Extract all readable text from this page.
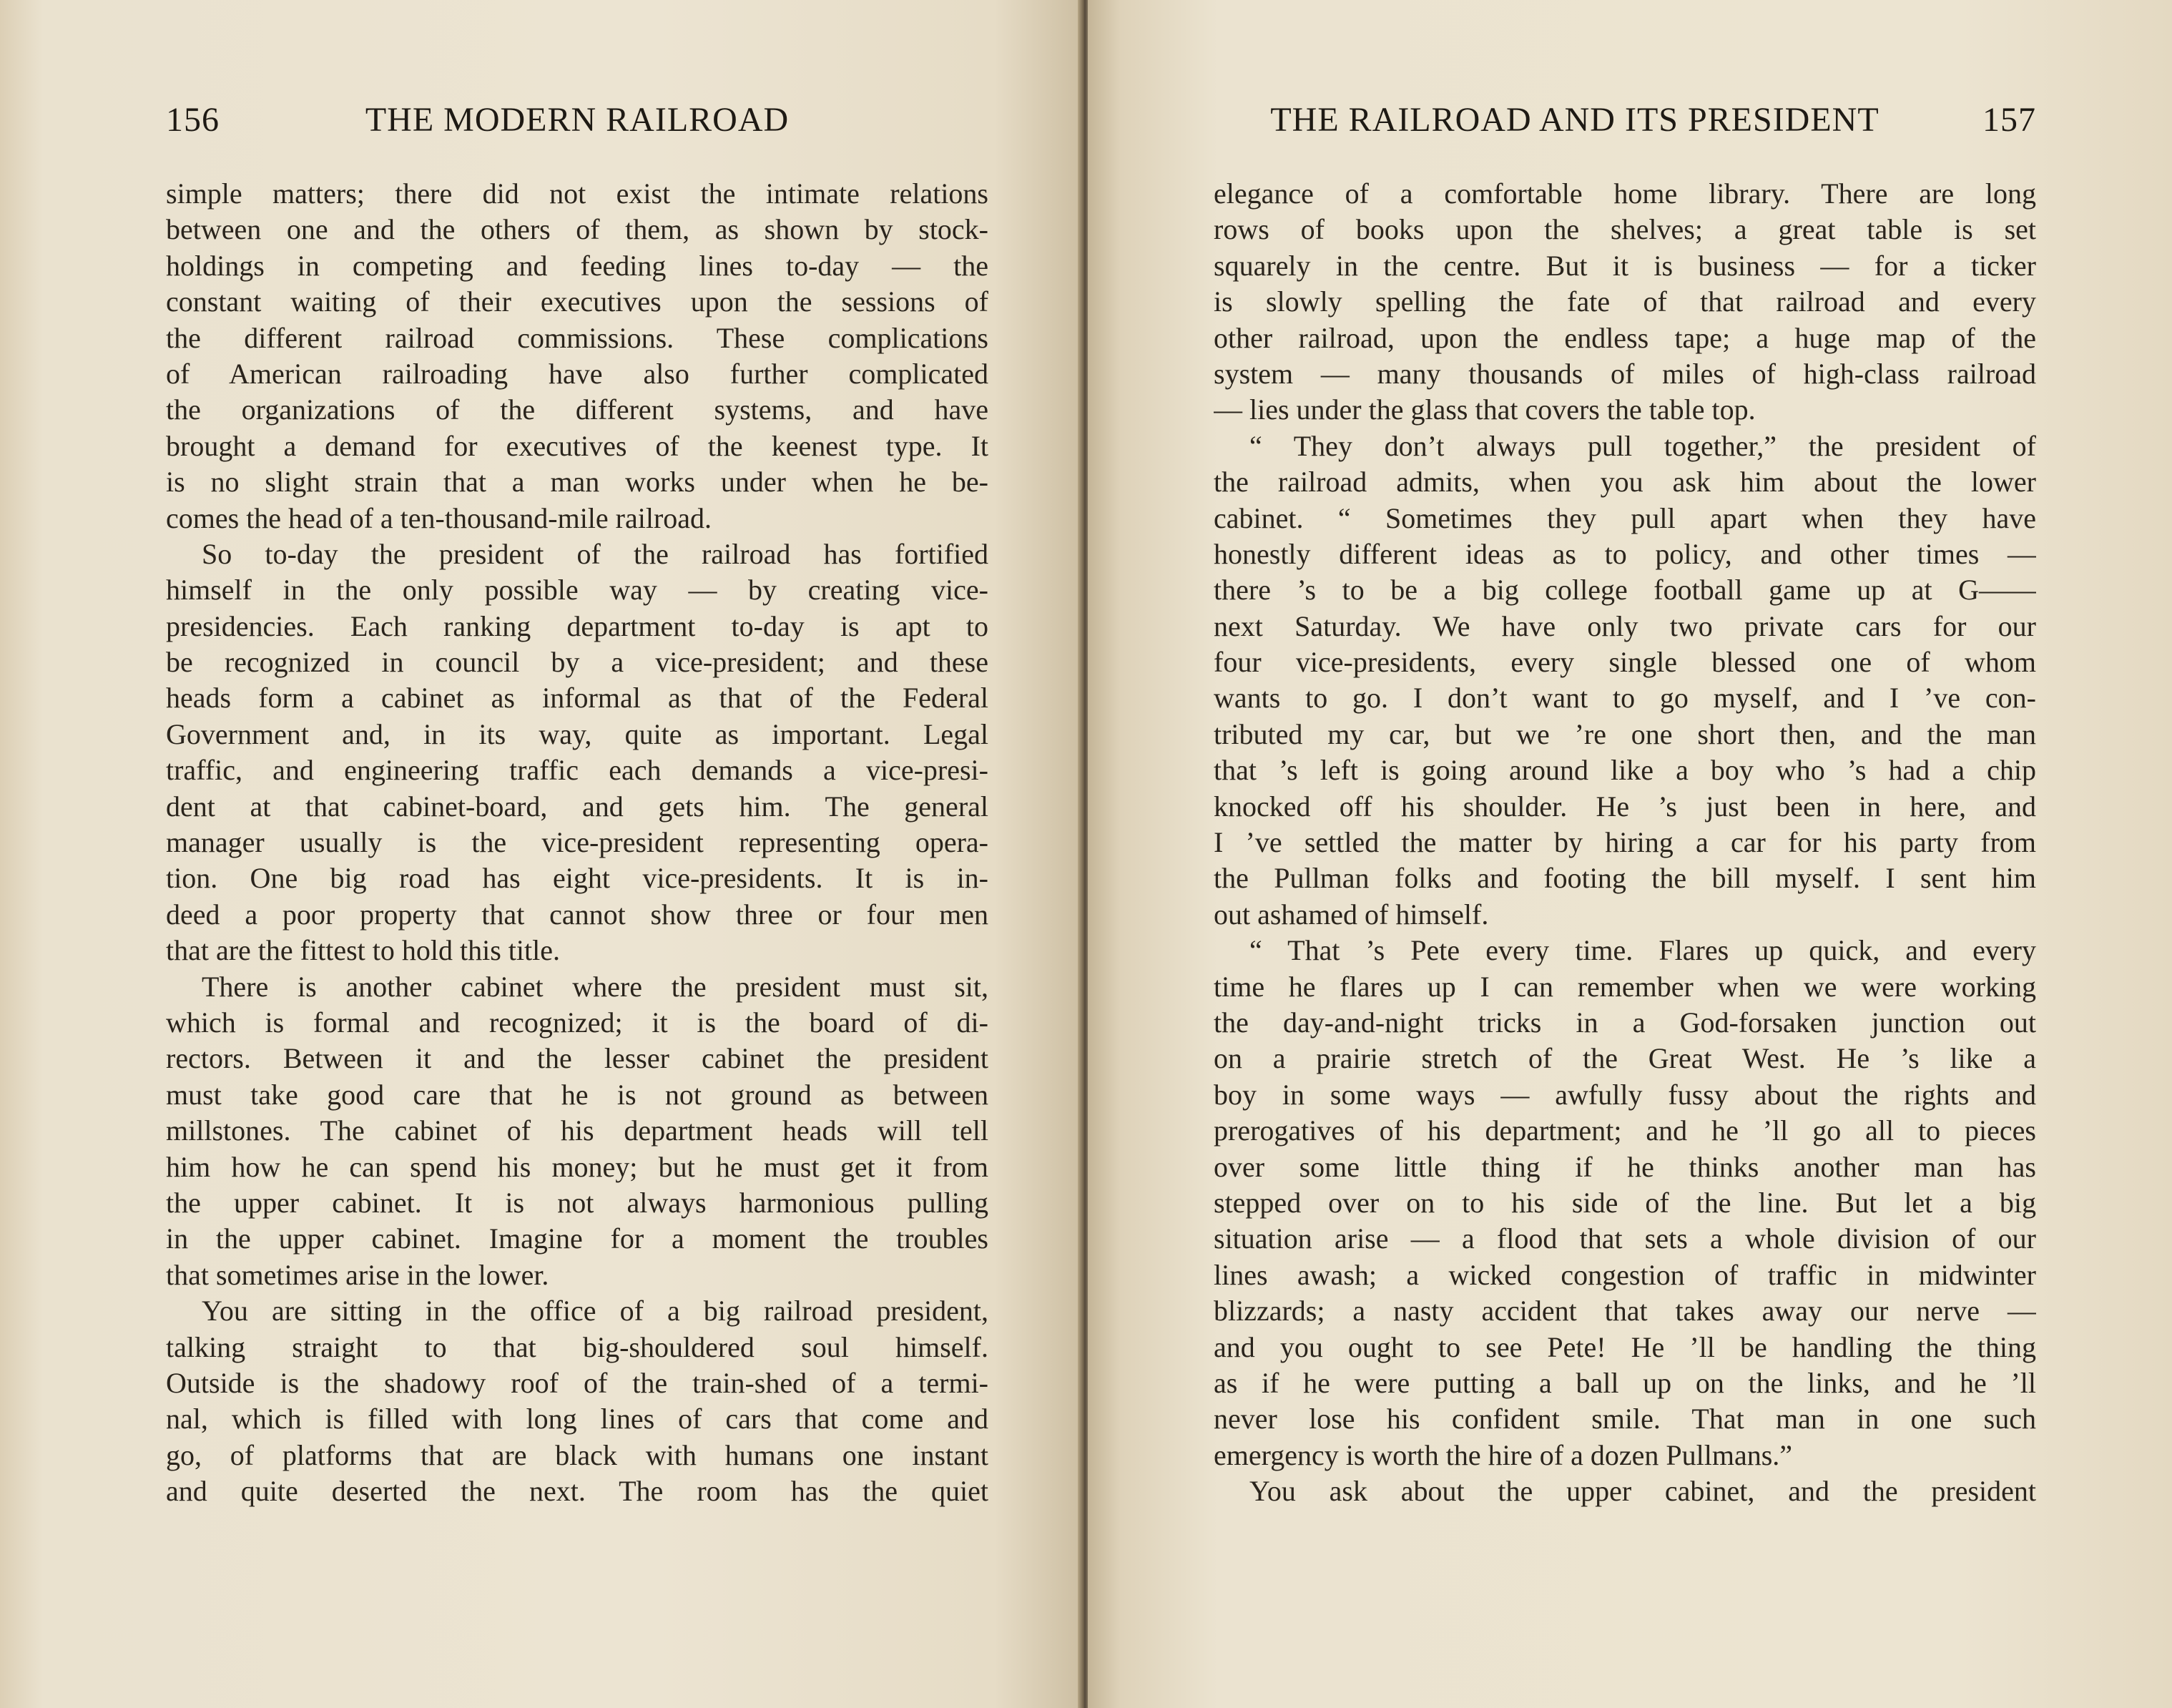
156	THE MODERN RAILROAD
simple matters; there did not exist the intimate relations
between one and the others of them, as shown by stock-
holdings in competing and feeding lines to-day — the
constant waiting of their executives upon the sessions of
the different railroad commissions. These complications
of American railroading have also further complicated
the organizations of the different systems, and have
brought a demand for executives of the keenest type. It
is no slight strain that a man works under when he be-
comes the head of a ten-thousand-mile railroad.
So to-day the president of the railroad has fortified
himself in the only possible way — by creating vice-
presidencies. Each ranking department to-day is apt to
be recognized in council by a vice-president; and these
heads form a cabinet as informal as that of the Federal
Government and, in its way, quite as important. Legal
traffic, and engineering traffic each demands a vice-presi-
dent at that cabinet-board, and gets him. The general
manager usually is the vice-president representing opera-
tion. One big road has eight vice-presidents. It is in-
deed a poor property that cannot show three or four men
that are the fittest to hold this title.
There is another cabinet where the president must sit,
which is formal and recognized; it is the board of di-
rectors. Between it and the lesser cabinet the president
must take good care that he is not ground as between
millstones. The cabinet of his department heads will tell
him how he can spend his money; but he must get it from
the upper cabinet. It is not always harmonious pulling
in the upper cabinet. Imagine for a moment the troubles
that sometimes arise in the lower.
You are sitting in the office of a big railroad president,
talking straight to that big-shouldered soul himself.
Outside is the shadowy roof of the train-shed of a termi-
nal, which is filled with long lines of cars that come and
go, of platforms that are black with humans one instant
and quite deserted the next. The room has the quiet
THE RAILROAD AND ITS PRESIDENT	157
elegance of a comfortable home library. There are long
rows of books upon the shelves; a great table is set
squarely in the centre. But it is business — for a ticker
is slowly spelling the fate of that railroad and every
other railroad, upon the endless tape; a huge map of the
system — many thousands of miles of high-class railroad
— lies under the glass that covers the table top.
“ They don’t always pull together,” the president of
the railroad admits, when you ask him about the lower
cabinet. “ Sometimes they pull apart when they have
honestly different ideas as to policy, and other times —
there ’s to be a big college football game up at G——
next Saturday. We have only two private cars for our
four vice-presidents, every single blessed one of whom
wants to go. I don’t want to go myself, and I ’ve con-
tributed my car, but we ’re one short then, and the man
that ’s left is going around like a boy who ’s had a chip
knocked off his shoulder. He ’s just been in here, and
I ’ve settled the matter by hiring a car for his party from
the Pullman folks and footing the bill myself. I sent him
out ashamed of himself.
“ That ’s Pete every time. Flares up quick, and every
time he flares up I can remember when we were working
the day-and-night tricks in a God-forsaken junction out
on a prairie stretch of the Great West. He ’s like a
boy in some ways — awfully fussy about the rights and
prerogatives of his department; and he ’ll go all to pieces
over some little thing if he thinks another man has
stepped over on to his side of the line. But let a big
situation arise — a flood that sets a whole division of our
lines awash; a wicked congestion of traffic in midwinter
blizzards; a nasty accident that takes away our nerve —
and you ought to see Pete! He ’ll be handling the thing
as if he were putting a ball up on the links, and he ’ll
never lose his confident smile. That man in one such
emergency is worth the hire of a dozen Pullmans.”
You ask about the upper cabinet, and the president
